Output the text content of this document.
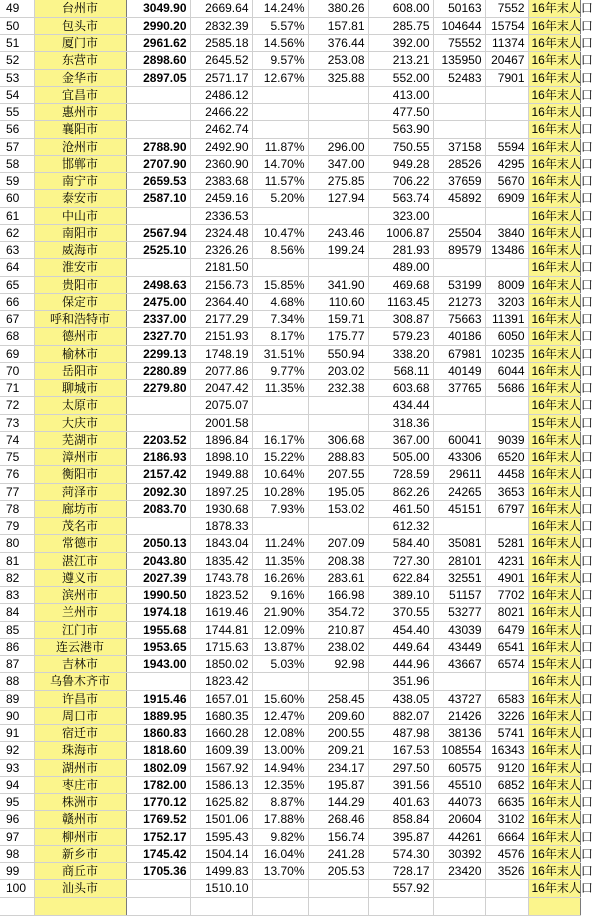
49	台州市	3049.90	2669.64	14.24%	380.26	608.00	50163	7552	16年末人口
50	包头市	2990.20	2832.39	5.57%	157.81	285.75	104644	15754	16年末人口
51	厦门市	2961.62	2585.18	14.56%	376.44	392.00	75552	11374	16年末人口
52	东营市	2898.60	2645.52	9.57%	253.08	213.21	135950	20467	16年末人口
53	金华市	2897.05	2571.17	12.67%	325.88	552.00	52483	7901	16年末人口
54	宜昌市		2486.12			413.00			16年末人口
55	惠州市		2466.22			477.50			16年末人口
56	襄阳市		2462.74			563.90			16年末人口
57	沧州市	2788.90	2492.90	11.87%	296.00	750.55	37158	5594	16年末人口
58	邯郸市	2707.90	2360.90	14.70%	347.00	949.28	28526	4295	16年末人口
59	南宁市	2659.53	2383.68	11.57%	275.85	706.22	37659	5670	16年末人口
60	泰安市	2587.10	2459.16	5.20%	127.94	563.74	45892	6909	16年末人口
61	中山市		2336.53			323.00			16年末人口
62	南阳市	2567.94	2324.48	10.47%	243.46	1006.87	25504	3840	16年末人口
63	威海市	2525.10	2326.26	8.56%	199.24	281.93	89579	13486	16年末人口
64	淮安市		2181.50			489.00			16年末人口
65	贵阳市	2498.63	2156.73	15.85%	341.90	469.68	53199	8009	16年末人口
66	保定市	2475.00	2364.40	4.68%	110.60	1163.45	21273	3203	16年末人口
67	呼和浩特市	2337.00	2177.29	7.34%	159.71	308.87	75663	11391	16年末人口
68	德州市	2327.70	2151.93	8.17%	175.77	579.23	40186	6050	16年末人口
69	榆林市	2299.13	1748.19	31.51%	550.94	338.20	67981	10235	16年末人口
70	岳阳市	2280.89	2077.86	9.77%	203.02	568.11	40149	6044	16年末人口
71	聊城市	2279.80	2047.42	11.35%	232.38	603.68	37765	5686	16年末人口
72	太原市		2075.07			434.44			16年末人口
73	大庆市		2001.58			318.36			15年末人口
74	芜湖市	2203.52	1896.84	16.17%	306.68	367.00	60041	9039	16年末人口
75	漳州市	2186.93	1898.10	15.22%	288.83	505.00	43306	6520	16年末人口
76	衡阳市	2157.42	1949.88	10.64%	207.55	728.59	29611	4458	16年末人口
77	菏泽市	2092.30	1897.25	10.28%	195.05	862.26	24265	3653	16年末人口
78	廊坊市	2083.70	1930.68	7.93%	153.02	461.50	45151	6797	16年末人口
79	茂名市		1878.33			612.32			16年末人口
80	常德市	2050.13	1843.04	11.24%	207.09	584.40	35081	5281	16年末人口
81	湛江市	2043.80	1835.42	11.35%	208.38	727.30	28101	4231	16年末人口
82	遵义市	2027.39	1743.78	16.26%	283.61	622.84	32551	4901	16年末人口
83	滨州市	1990.50	1823.52	9.16%	166.98	389.10	51157	7702	16年末人口
84	兰州市	1974.18	1619.46	21.90%	354.72	370.55	53277	8021	16年末人口
85	江门市	1955.68	1744.81	12.09%	210.87	454.40	43039	6479	16年末人口
86	连云港市	1953.65	1715.63	13.87%	238.02	449.64	43449	6541	16年末人口
87	吉林市	1943.00	1850.02	5.03%	92.98	444.96	43667	6574	15年末人口
88	乌鲁木齐市		1823.42			351.96			16年末人口
89	许昌市	1915.46	1657.01	15.60%	258.45	438.05	43727	6583	16年末人口
90	周口市	1889.95	1680.35	12.47%	209.60	882.07	21426	3226	16年末人口
91	宿迁市	1860.83	1660.28	12.08%	200.55	487.98	38136	5741	16年末人口
92	珠海市	1818.60	1609.39	13.00%	209.21	167.53	108554	16343	16年末人口
93	湖州市	1802.09	1567.92	14.94%	234.17	297.50	60575	9120	16年末人口
94	枣庄市	1782.00	1586.13	12.35%	195.87	391.56	45510	6852	16年末人口
95	株洲市	1770.12	1625.82	8.87%	144.29	401.63	44073	6635	16年末人口
96	赣州市	1769.52	1501.06	17.88%	268.46	858.84	20604	3102	16年末人口
97	柳州市	1752.17	1595.43	9.82%	156.74	395.87	44261	6664	16年末人口
98	新乡市	1745.42	1504.14	16.04%	241.28	574.30	30392	4576	16年末人口
99	商丘市	1705.36	1499.83	13.70%	205.53	728.17	23420	3526	16年末人口
100	汕头市		1510.10			557.92			16年末人口
